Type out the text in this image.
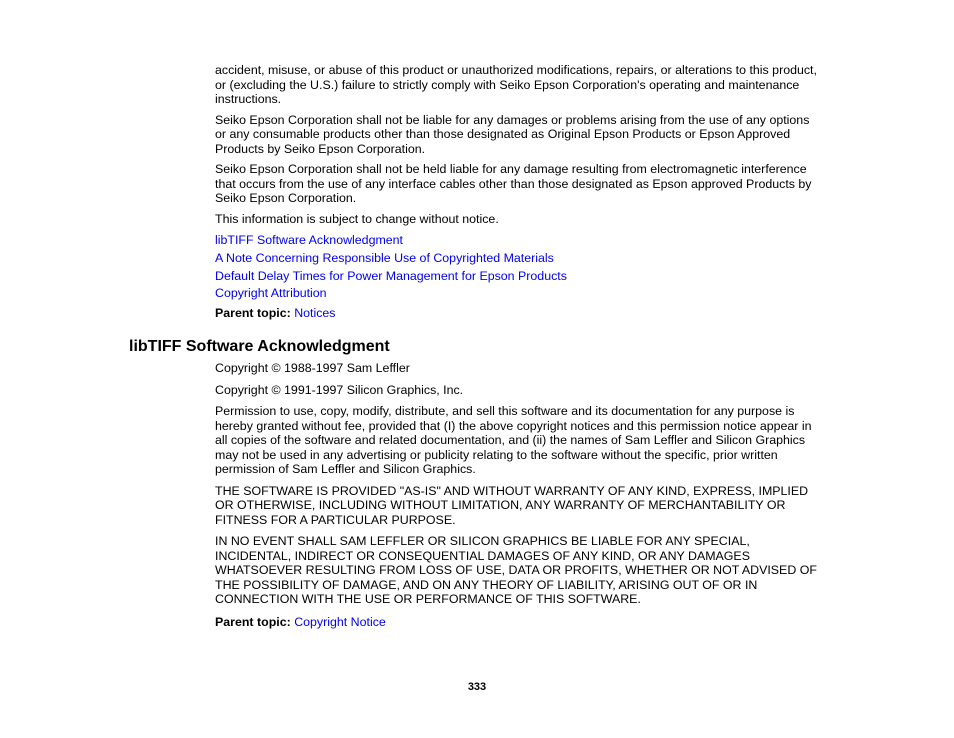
accident, misuse, or abuse of this product or unauthorized modifications, repairs, or alterations to this product, or (excluding the U.S.) failure to strictly comply with Seiko Epson Corporation's operating and maintenance instructions.

Seiko Epson Corporation shall not be liable for any damages or problems arising from the use of any options or any consumable products other than those designated as Original Epson Products or Epson Approved Products by Seiko Epson Corporation.

Seiko Epson Corporation shall not be held liable for any damage resulting from electromagnetic interference that occurs from the use of any interface cables other than those designated as Epson approved Products by Seiko Epson Corporation.

This information is subject to change without notice.

libTIFF Software Acknowledgment
A Note Concerning Responsible Use of Copyrighted Materials
Default Delay Times for Power Management for Epson Products
Copyright Attribution

Parent topic: Notices

libTIFF Software Acknowledgment

Copyright © 1988-1997 Sam Leffler

Copyright © 1991-1997 Silicon Graphics, Inc.

Permission to use, copy, modify, distribute, and sell this software and its documentation for any purpose is hereby granted without fee, provided that (I) the above copyright notices and this permission notice appear in all copies of the software and related documentation, and (ii) the names of Sam Leffler and Silicon Graphics may not be used in any advertising or publicity relating to the software without the specific, prior written permission of Sam Leffler and Silicon Graphics.

THE SOFTWARE IS PROVIDED "AS-IS" AND WITHOUT WARRANTY OF ANY KIND, EXPRESS, IMPLIED OR OTHERWISE, INCLUDING WITHOUT LIMITATION, ANY WARRANTY OF MERCHANTABILITY OR FITNESS FOR A PARTICULAR PURPOSE.

IN NO EVENT SHALL SAM LEFFLER OR SILICON GRAPHICS BE LIABLE FOR ANY SPECIAL, INCIDENTAL, INDIRECT OR CONSEQUENTIAL DAMAGES OF ANY KIND, OR ANY DAMAGES WHATSOEVER RESULTING FROM LOSS OF USE, DATA OR PROFITS, WHETHER OR NOT ADVISED OF THE POSSIBILITY OF DAMAGE, AND ON ANY THEORY OF LIABILITY, ARISING OUT OF OR IN CONNECTION WITH THE USE OR PERFORMANCE OF THIS SOFTWARE.

Parent topic: Copyright Notice

333
